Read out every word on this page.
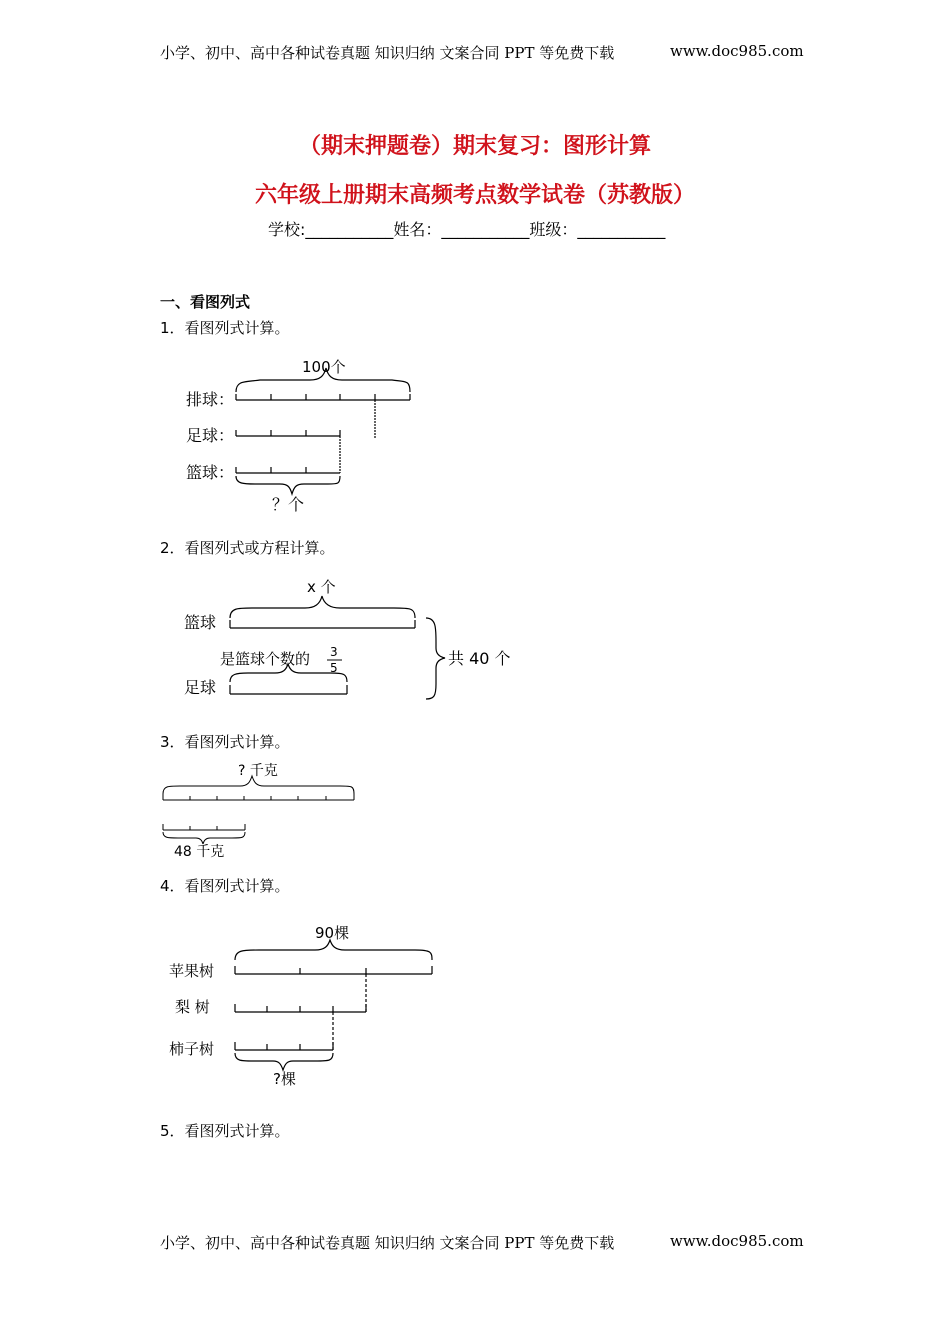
小学、初中、高中各种试卷真题 知识归纳 文案合同 PPT 等免费下载	www.doc985.com
（期末押题卷）期末复习：图形计算
六年级上册期末高频考点数学试卷（苏教版）
学校:___________姓名：___________班级：___________
一、看图列式
1．看图列式计算。
100个
排球：
足球：
篮球：
？个
2．看图列式或方程计算。
x 个
篮球
是篮球个数的 3
5
足球
共 40 个
3．看图列式计算。
? 千克
48 千克
4．看图列式计算。
90棵
苹果树
梨 树
柿子树
?棵
5．看图列式计算。
小学、初中、高中各种试卷真题 知识归纳 文案合同 PPT 等免费下载	www.doc985.com
